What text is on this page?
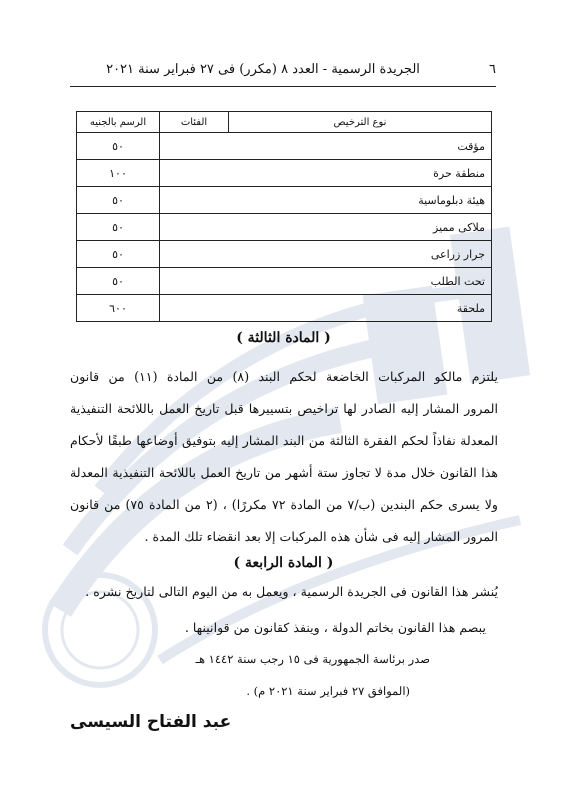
٦
الجريدة الرسمية - العدد ٨ (مكرر) فى ٢٧ فبراير سنة ٢٠٢١
نوع الترخيص	الفئات	الرسم بالجنيه
مؤقت		٥٠
منطقة حرة		١٠٠
هيئة دبلوماسية		٥٠
ملاكى مميز		٥٠
جرار زراعى		٥٠
تحت الطلب		٥٠
ملحقة		٦٠٠
( المادة الثالثة )

يلتزم مالكو المركبات الخاضعة لحكم البند (٨) من المادة (١١) من قانون

المرور المشار إليه الصادر لها تراخيص بتسييرها قبل تاريخ العمل باللائحة التنفيذية

المعدلة نفاذاً لحكم الفقرة الثالثة من البند المشار إليه بتوفيق أوضاعها طبقًا لأحكام

هذا القانون خلال مدة لا تجاوز ستة أشهر من تاريخ العمل باللائحة التنفيذية المعدلة

ولا يسرى حكم البندين (ب/٧ من المادة ٧٢ مكررًا) ، (٢ من المادة ٧٥) من قانون

المرور المشار إليه فى شأن هذه المركبات إلا بعد انقضاء تلك المدة .

( المادة الرابعة )

يُنشر هذا القانون فى الجريدة الرسمية ، ويعمل به من اليوم التالى لتاريخ نشره .

يبصم هذا القانون بخاتم الدولة ، وينفذ كقانون من قوانينها .

صدر برئاسة الجمهورية فى ١٥ رجب سنة ١٤٤٢ هـ
(الموافق ٢٧ فبراير سنة ٢٠٢١ م) .
عبد الفتاح السيسى
